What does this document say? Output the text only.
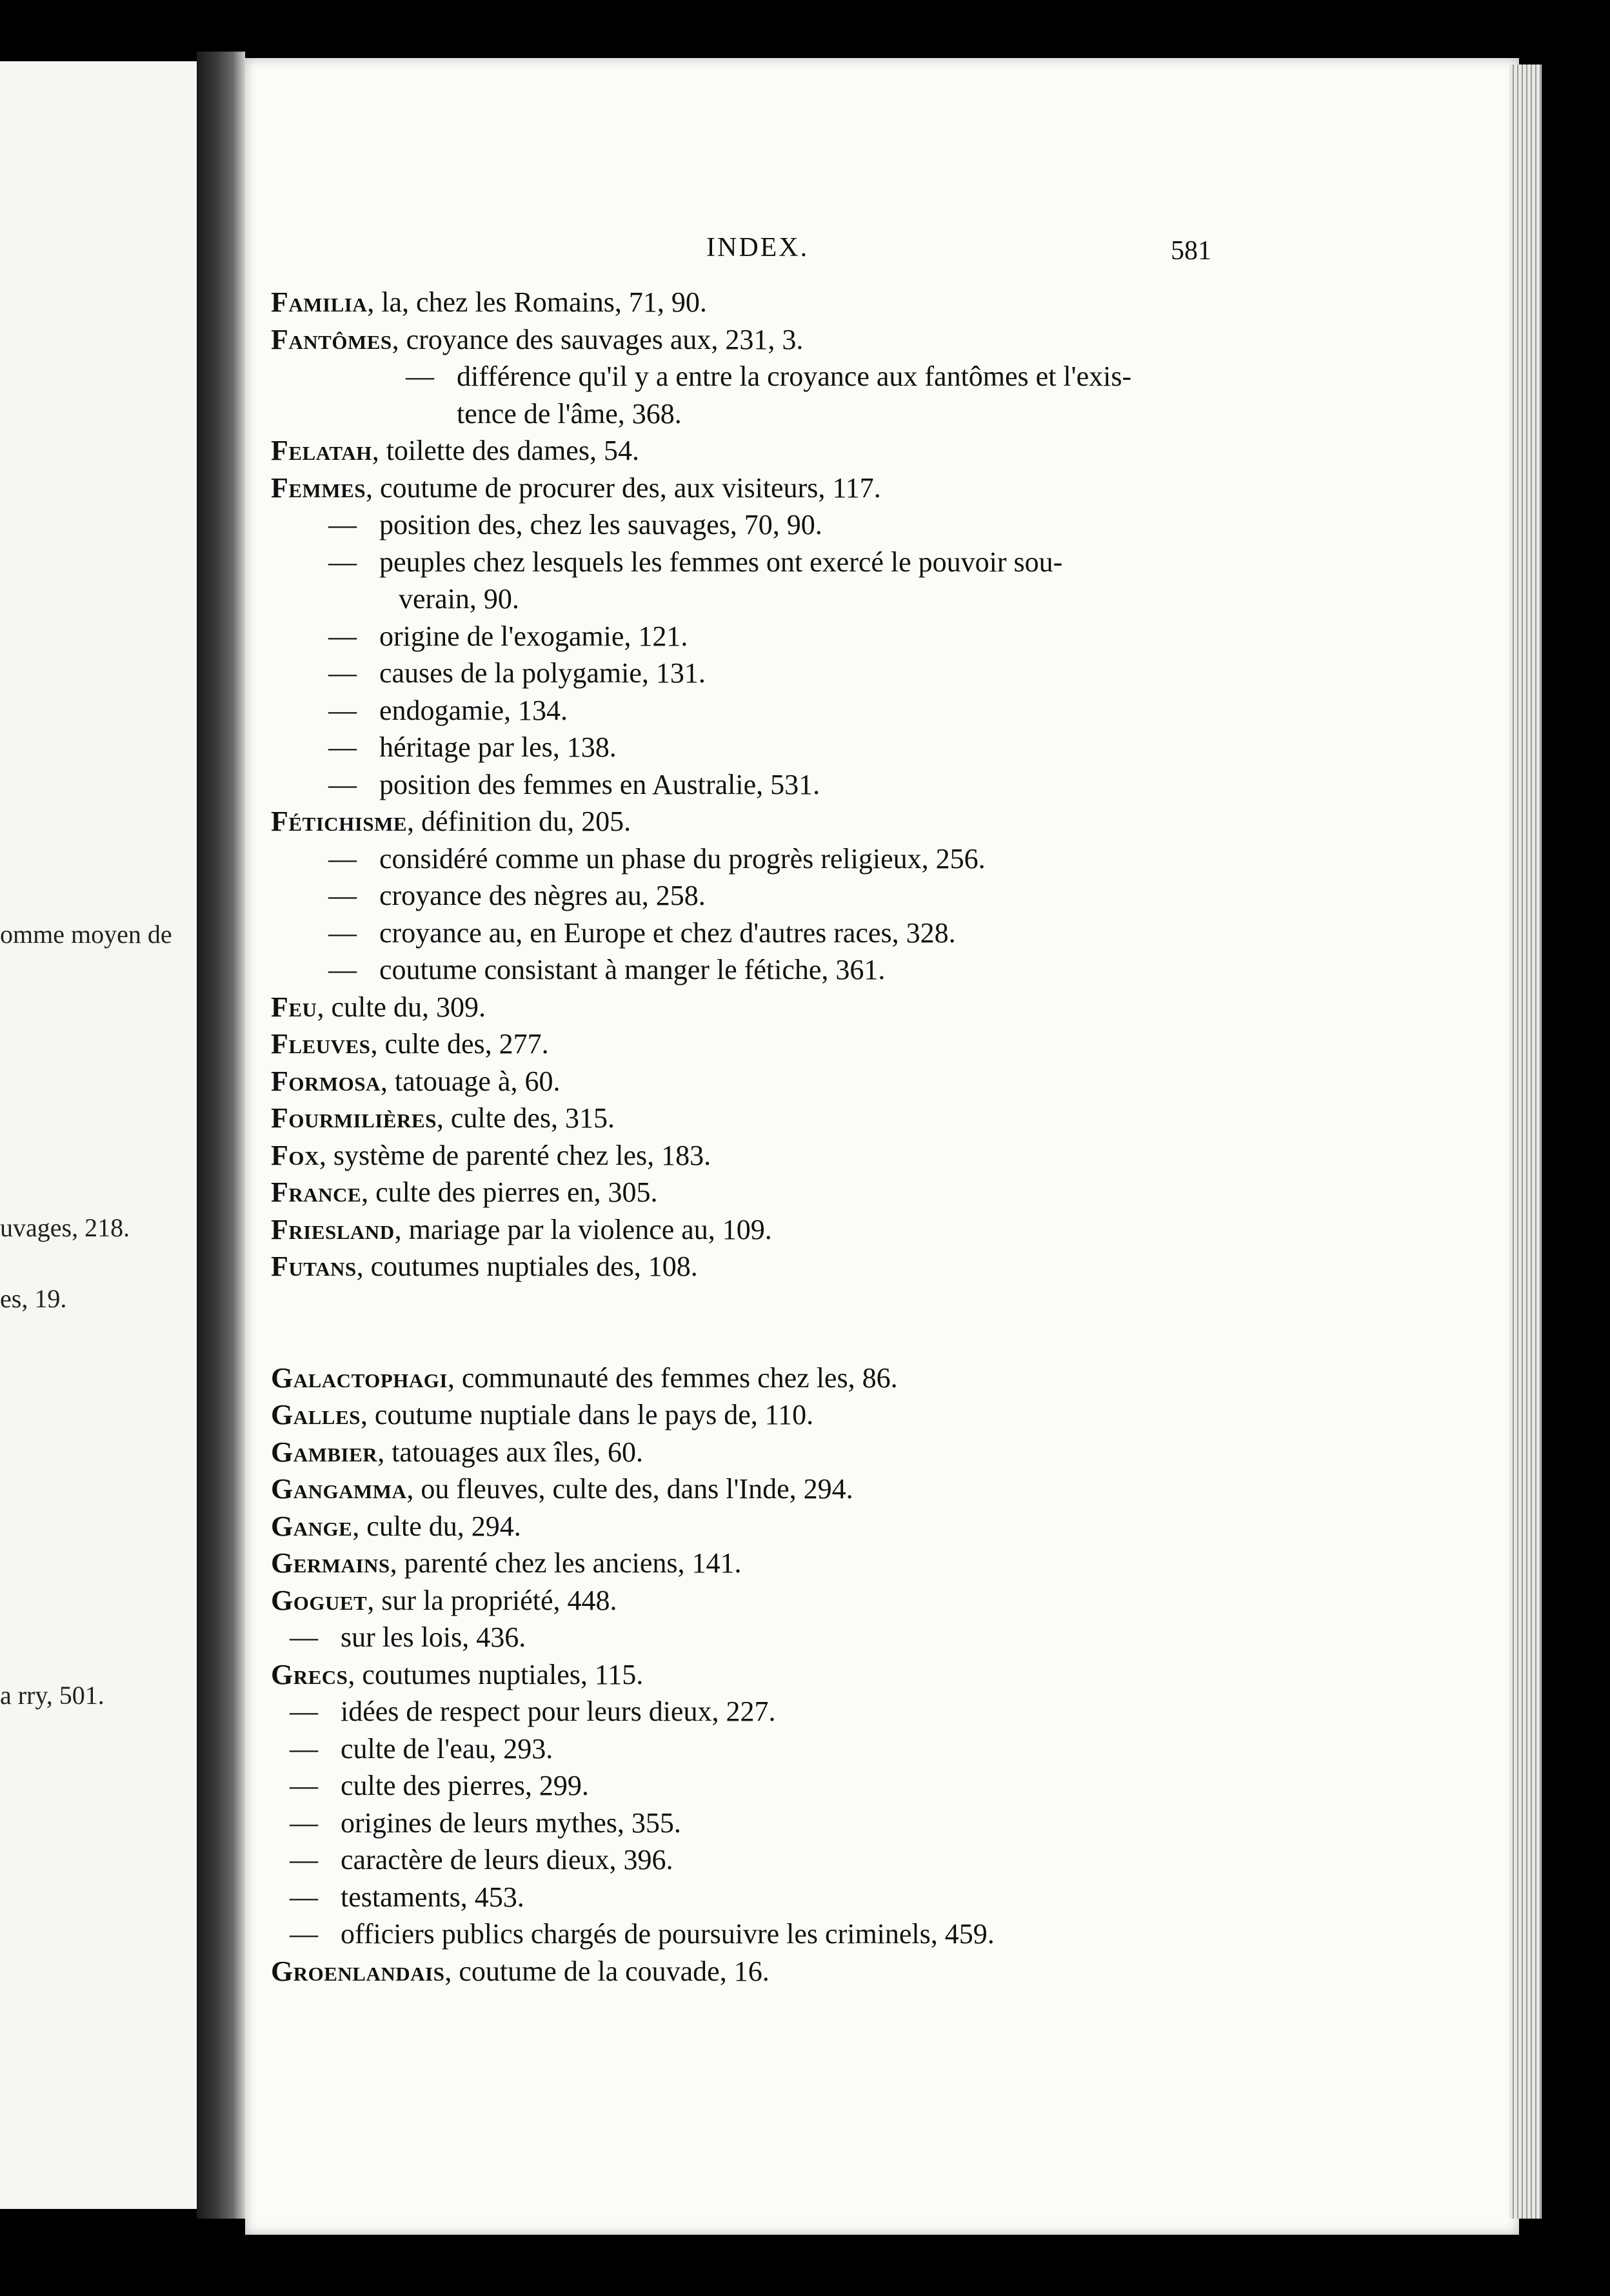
omme moyen de
uvages, 218.
es, 19.
a rry, 501.
INDEX.	581
Familia, la, chez les Romains, 71, 90.
Fantômes, croyance des sauvages aux, 231, 3.
— différence qu'il y a entre la croyance aux fantômes et l'exis-
tence de l'âme, 368.
Felatah, toilette des dames, 54.
Femmes, coutume de procurer des, aux visiteurs, 117.
— position des, chez les sauvages, 70, 90.
— peuples chez lesquels les femmes ont exercé le pouvoir sou-
verain, 90.
— origine de l'exogamie, 121.
— causes de la polygamie, 131.
— endogamie, 134.
— héritage par les, 138.
— position des femmes en Australie, 531.
Fétichisme, définition du, 205.
— considéré comme un phase du progrès religieux, 256.
— croyance des nègres au, 258.
— croyance au, en Europe et chez d'autres races, 328.
— coutume consistant à manger le fétiche, 361.
Feu, culte du, 309.
Fleuves, culte des, 277.
Formosa, tatouage à, 60.
Fourmilières, culte des, 315.
Fox, système de parenté chez les, 183.
France, culte des pierres en, 305.
Friesland, mariage par la violence au, 109.
Futans, coutumes nuptiales des, 108.
Galactophagi, communauté des femmes chez les, 86.
Galles, coutume nuptiale dans le pays de, 110.
Gambier, tatouages aux îles, 60.
Gangamma, ou fleuves, culte des, dans l'Inde, 294.
Gange, culte du, 294.
Germains, parenté chez les anciens, 141.
Goguet, sur la propriété, 448.
— sur les lois, 436.
Grecs, coutumes nuptiales, 115.
— idées de respect pour leurs dieux, 227.
— culte de l'eau, 293.
— culte des pierres, 299.
— origines de leurs mythes, 355.
— caractère de leurs dieux, 396.
— testaments, 453.
— officiers publics chargés de poursuivre les criminels, 459.
Groenlandais, coutume de la couvade, 16.
